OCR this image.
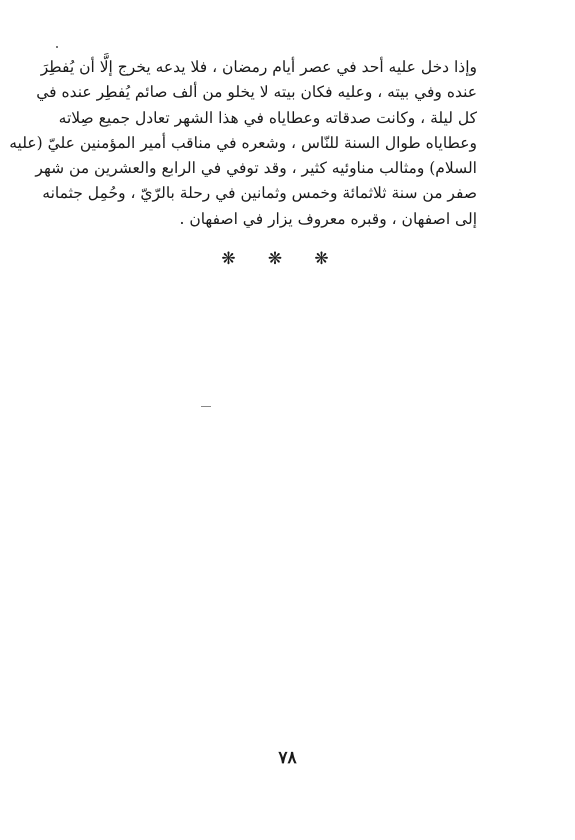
وإذا دخل عليه أحد في عصر أيام رمضان ، فلا يدعه يخرج إلَّا أن يُفطِرَ
عنده وفي بيته ، وعليه فكان بيته لا يخلو من ألف صائم يُفطِر عنده في
كل ليلة ، وكانت صدقاته وعطاياه في هذا الشهر تعادل جميع صِلاته
وعطاياه طوال السنة للنّاس ، وشعره في مناقب أمير المؤمنين عليّ (عليه
السلام) ومثالب مناوئيه كثير ، وقد توفي في الرابع والعشرين من شهر
صفر من سنة ثلاثمائة وخمس وثمانين في رحلة بالرّيّ ، وحُمِل جثمانه
إلى اصفهان ، وقبره معروف يزار في اصفهان .
❋ ❋ ❋
٧٨
